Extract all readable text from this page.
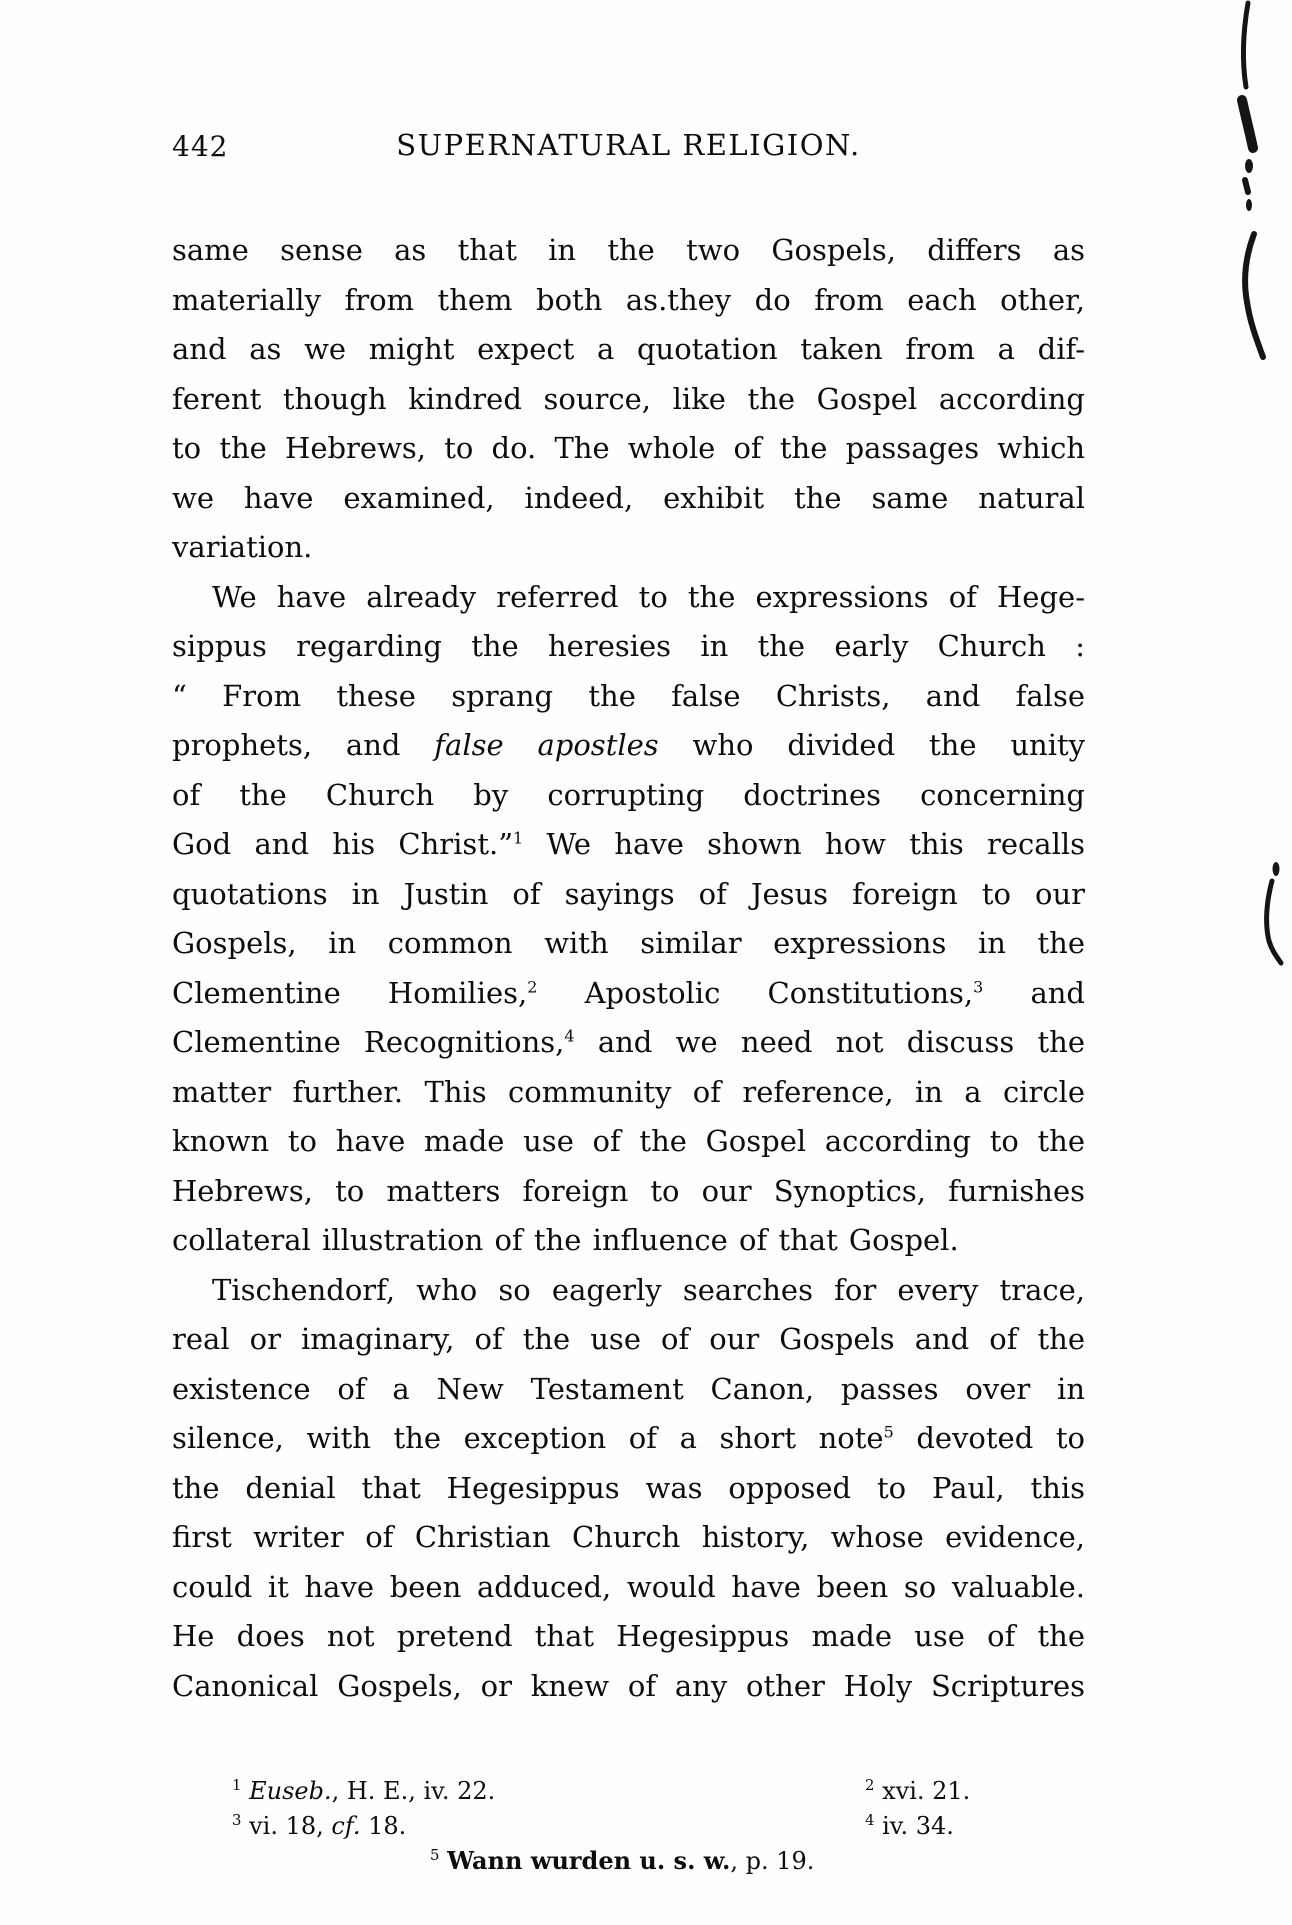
442	SUPERNATURAL RELIGION.
same sense as that in the two Gospels, differs as
materially from them both as.they do from each other,
and as we might expect a quotation taken from a dif-
ferent though kindred source, like the Gospel according
to the Hebrews, to do. The whole of the passages which
we have examined, indeed, exhibit the same natural
variation.
We have already referred to the expressions of Hege-
sippus regarding the heresies in the early Church :
“ From these sprang the false Christs, and false
prophets, and false apostles who divided the unity
of the Church by corrupting doctrines concerning
God and his Christ.”$^1$ We have shown how this recalls
quotations in Justin of sayings of Jesus foreign to our
Gospels, in common with similar expressions in the
Clementine Homilies,$^2$ Apostolic Constitutions,$^3$ and
Clementine Recognitions,$^4$ and we need not discuss the
matter further. This community of reference, in a circle
known to have made use of the Gospel according to the
Hebrews, to matters foreign to our Synoptics, furnishes
collateral illustration of the influence of that Gospel.
Tischendorf, who so eagerly searches for every trace,
real or imaginary, of the use of our Gospels and of the
existence of a New Testament Canon, passes over in
silence, with the exception of a short note$^5$ devoted to
the denial that Hegesippus was opposed to Paul, this
first writer of Christian Church history, whose evidence,
could it have been adduced, would have been so valuable.
He does not pretend that Hegesippus made use of the
Canonical Gospels, or knew of any other Holy Scriptures
$^1$ Euseb., H. E., iv. 22.	$^2$ xvi. 21.
$^3$ vi. 18, cf. 18.	$^4$ iv. 34.
$^5$ Wann wurden u. s. w., p. 19.
